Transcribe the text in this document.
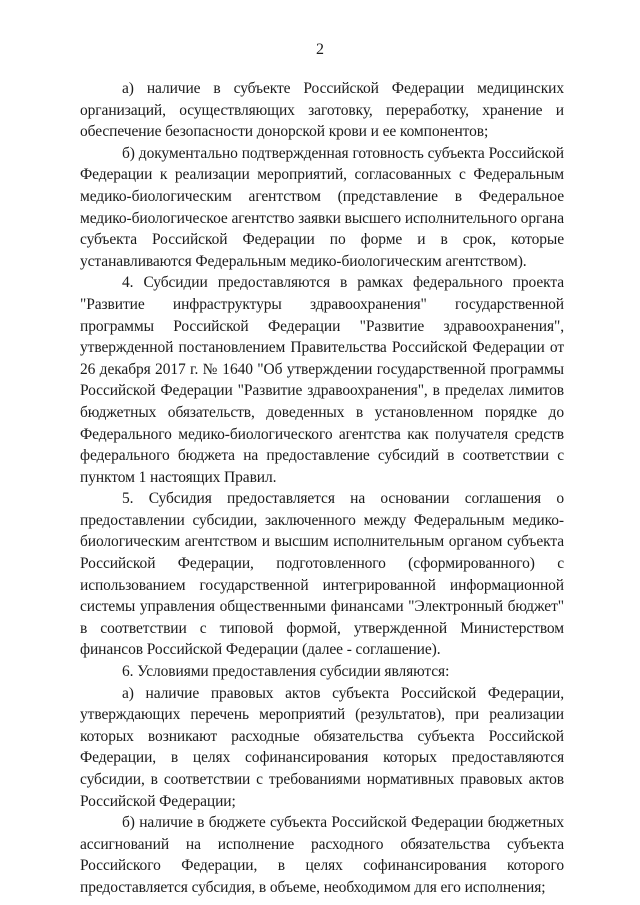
2

а) наличие в субъекте Российской Федерации медицинских организаций, осуществляющих заготовку, переработку, хранение и обеспечение безопасности донорской крови и ее компонентов;

б) документально подтвержденная готовность субъекта Российской Федерации к реализации мероприятий, согласованных с Федеральным медико-биологическим агентством (представление в Федеральное медико-биологическое агентство заявки высшего исполнительного органа субъекта Российской Федерации по форме и в срок, которые устанавливаются Федеральным медико-биологическим агентством).

4. Субсидии предоставляются в рамках федерального проекта "Развитие инфраструктуры здравоохранения" государственной программы Российской Федерации "Развитие здравоохранения", утвержденной постановлением Правительства Российской Федерации от 26 декабря 2017 г. № 1640 "Об утверждении государственной программы Российской Федерации "Развитие здравоохранения", в пределах лимитов бюджетных обязательств, доведенных в установленном порядке до Федерального медико-биологического агентства как получателя средств федерального бюджета на предоставление субсидий в соответствии с пунктом 1 настоящих Правил.

5. Субсидия предоставляется на основании соглашения о предоставлении субсидии, заключенного между Федеральным медико-биологическим агентством и высшим исполнительным органом субъекта Российской Федерации, подготовленного (сформированного) с использованием государственной интегрированной информационной системы управления общественными финансами "Электронный бюджет" в соответствии с типовой формой, утвержденной Министерством финансов Российской Федерации (далее - соглашение).

6. Условиями предоставления субсидии являются:

а) наличие правовых актов субъекта Российской Федерации, утверждающих перечень мероприятий (результатов), при реализации которых возникают расходные обязательства субъекта Российской Федерации, в целях софинансирования которых предоставляются субсидии, в соответствии с требованиями нормативных правовых актов Российской Федерации;

б) наличие в бюджете субъекта Российской Федерации бюджетных ассигнований на исполнение расходного обязательства субъекта Российского Федерации, в целях софинансирования которого предоставляется субсидия, в объеме, необходимом для его исполнения;
